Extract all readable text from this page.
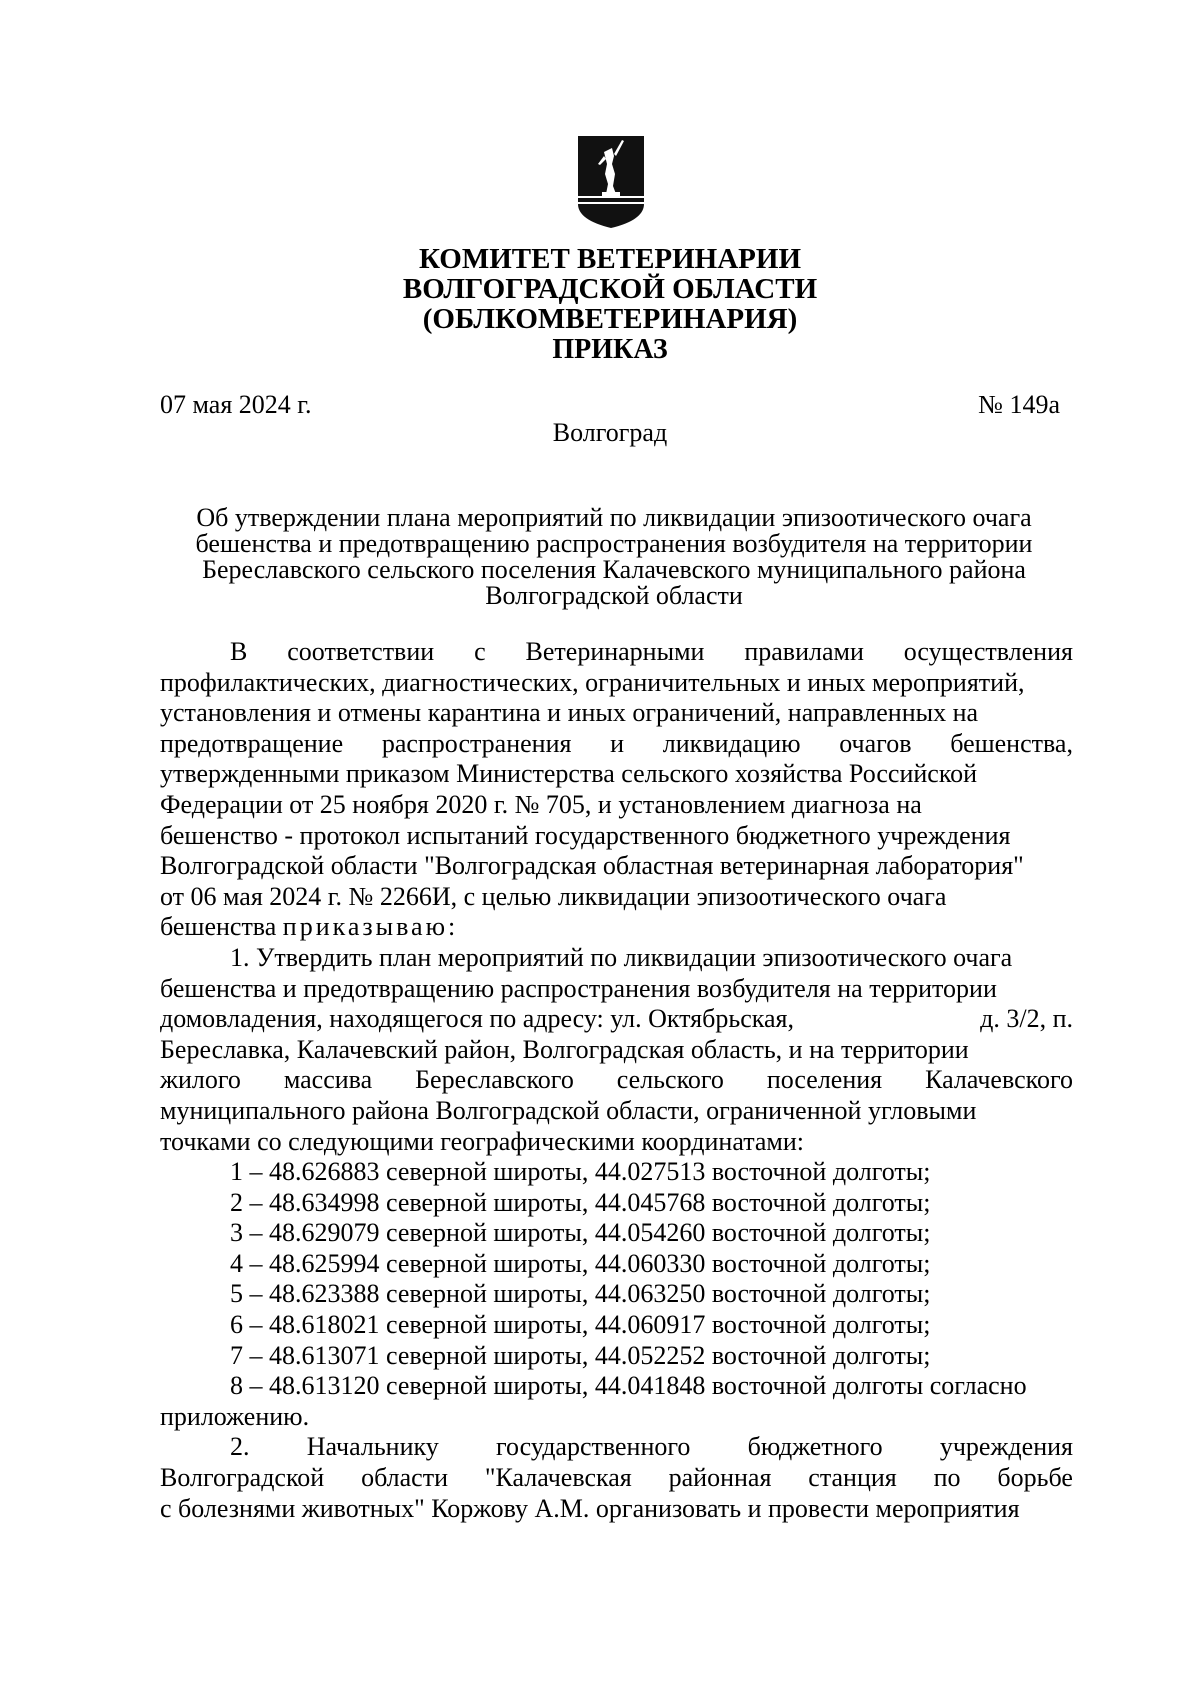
КОМИТЕТ ВЕТЕРИНАРИИ
ВОЛГОГРАДСКОЙ ОБЛАСТИ
(ОБЛКОМВЕТЕРИНАРИЯ)
ПРИКАЗ
07 мая 2024 г.	№ 149а
Волгоград
Об утверждении плана мероприятий по ликвидации эпизоотического очага
бешенства и предотвращению распространения возбудителя на территории
Береславского сельского поселения Калачевского муниципального района
Волгоградской области
В соответствии с Ветеринарными правилами осуществления
профилактических, диагностических, ограничительных и иных мероприятий,
установления и отмены карантина и иных ограничений, направленных на
предотвращение распространения и ликвидацию очагов бешенства,
утвержденными приказом Министерства сельского хозяйства Российской
Федерации от 25 ноября 2020 г. № 705, и установлением диагноза на
бешенство - протокол испытаний государственного бюджетного учреждения
Волгоградской области "Волгоградская областная ветеринарная лаборатория"
от 06 мая 2024 г. № 2266И, с целью ликвидации эпизоотического очага
бешенства приказываю:
1. Утвердить план мероприятий по ликвидации эпизоотического очага
бешенства и предотвращению распространения возбудителя на территории
домовладения, находящегося по адресу: ул. Октябрьская,	д. 3/2, п.
Береславка, Калачевский район, Волгоградская область, и на территории
жилого массива Береславского сельского поселения Калачевского
муниципального района Волгоградской области, ограниченной угловыми
точками со следующими географическими координатами:
1 – 48.626883 северной широты, 44.027513 восточной долготы;
2 – 48.634998 северной широты, 44.045768 восточной долготы;
3 – 48.629079 северной широты, 44.054260 восточной долготы;
4 – 48.625994 северной широты, 44.060330 восточной долготы;
5 – 48.623388 северной широты, 44.063250 восточной долготы;
6 – 48.618021 северной широты, 44.060917 восточной долготы;
7 – 48.613071 северной широты, 44.052252 восточной долготы;
8 – 48.613120 северной широты, 44.041848 восточной долготы согласно
приложению.
2. Начальнику государственного бюджетного учреждения
Волгоградской области "Калачевская районная станция по борьбе
с болезнями животных" Коржову А.М. организовать и провести мероприятия
